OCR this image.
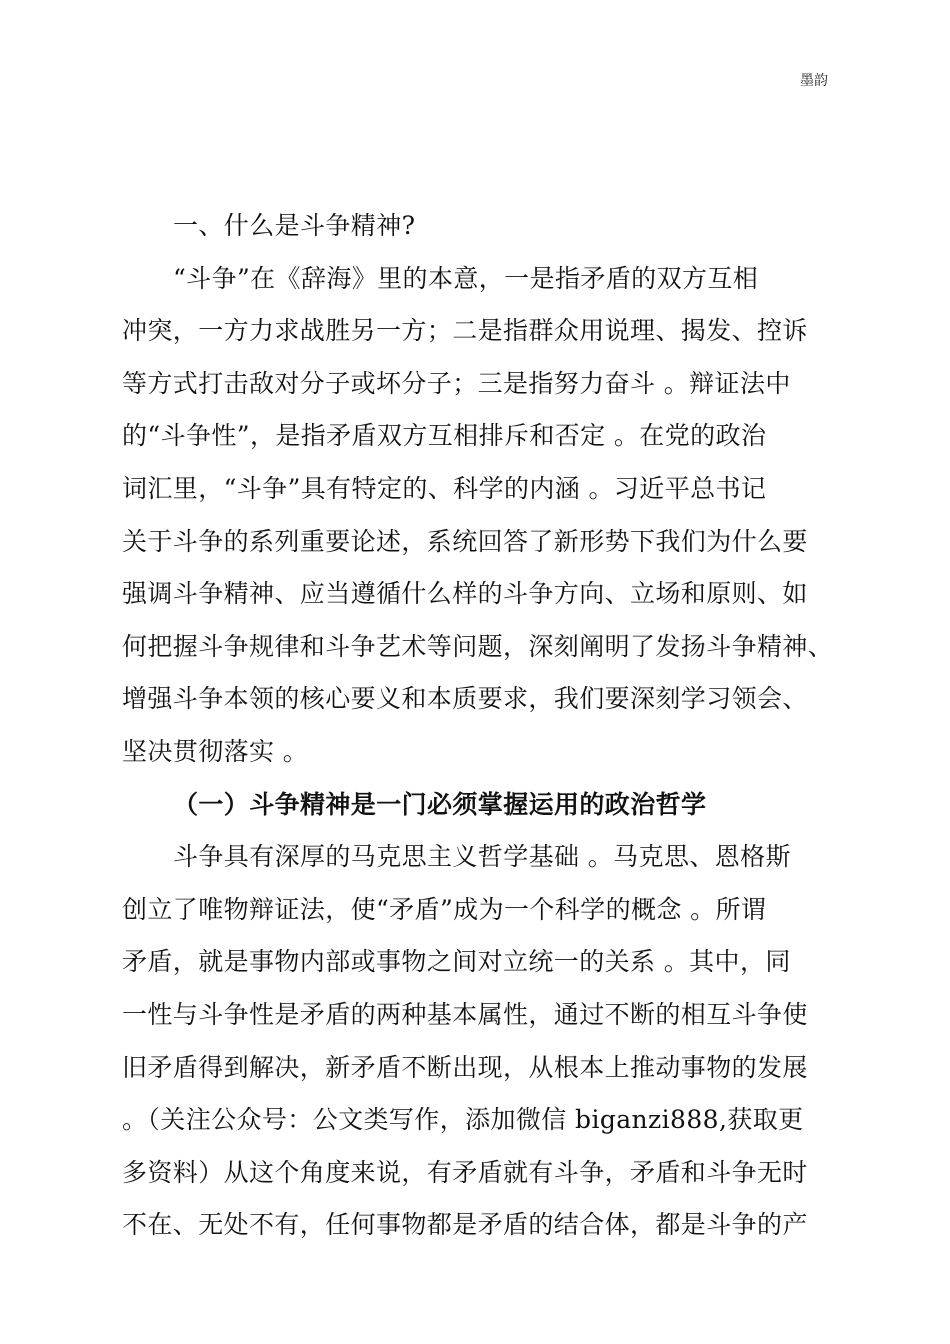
墨韵
一、什么是斗争精神?
“斗争”在《辞海》里的本意，一是指矛盾的双方互相
冲突，一方力求战胜另一方；二是指群众用说理、揭发、控诉
等方式打击敌对分子或坏分子；三是指努力奋斗 。辩证法中
的“斗争性”，是指矛盾双方互相排斥和否定 。在党的政治
词汇里，“斗争”具有特定的、科学的内涵 。习近平总书记
关于斗争的系列重要论述，系统回答了新形势下我们为什么要
强调斗争精神、应当遵循什么样的斗争方向、立场和原则、如
何把握斗争规律和斗争艺术等问题，深刻阐明了发扬斗争精神、
增强斗争本领的核心要义和本质要求，我们要深刻学习领会、
坚决贯彻落实 。
（一）斗争精神是一门必须掌握运用的政治哲学
斗争具有深厚的马克思主义哲学基础 。马克思、恩格斯
创立了唯物辩证法，使“矛盾”成为一个科学的概念 。所谓
矛盾，就是事物内部或事物之间对立统一的关系 。其中，同
一性与斗争性是矛盾的两种基本属性，通过不断的相互斗争使
旧矛盾得到解决，新矛盾不断出现，从根本上推动事物的发展
。（关注公众号：公文类写作，添加微信 biganzi888,获取更
多资料）从这个角度来说，有矛盾就有斗争，矛盾和斗争无时
不在、无处不有，任何事物都是矛盾的结合体，都是斗争的产
